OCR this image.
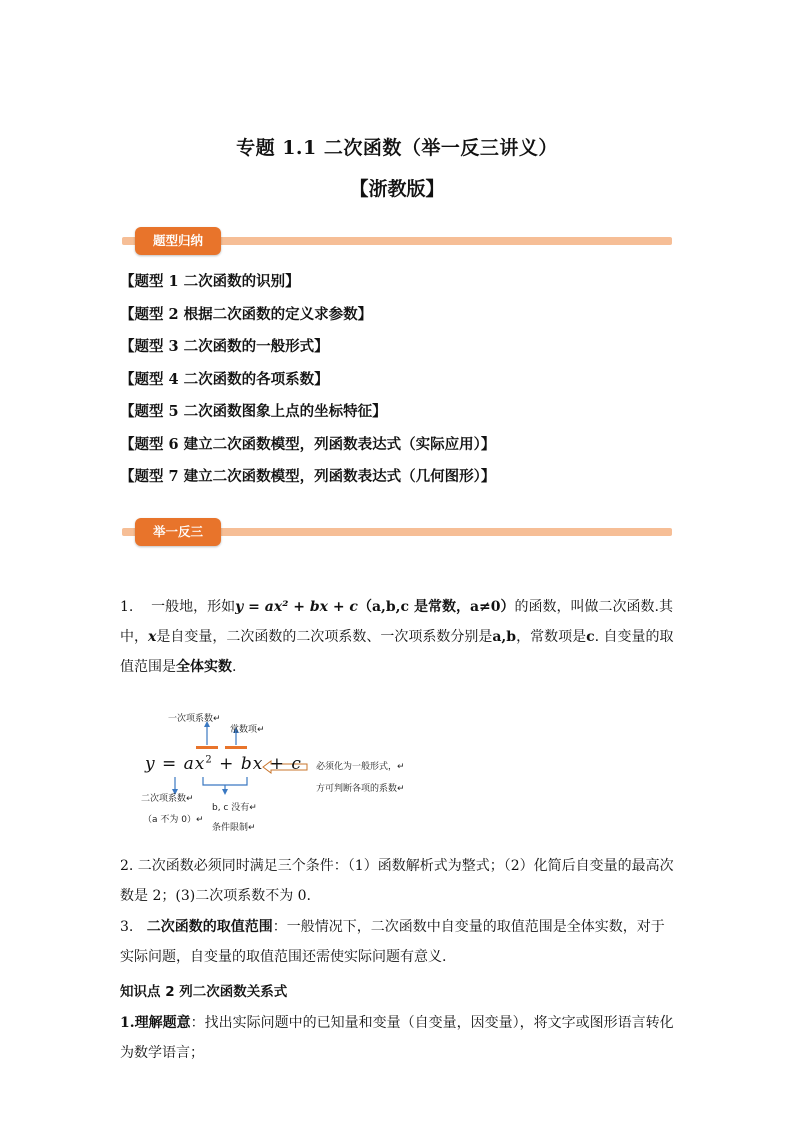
专题 1.1 二次函数（举一反三讲义）
【浙教版】
题型归纳
【题型 1 二次函数的识别】
【题型 2 根据二次函数的定义求参数】
【题型 3 二次函数的一般形式】
【题型 4 二次函数的各项系数】
【题型 5 二次函数图象上点的坐标特征】
【题型 6 建立二次函数模型，列函数表达式（实际应用）】
【题型 7 建立二次函数模型，列函数表达式（几何图形）】
举一反三
1. 一般地，形如y = ax² + bx + c（a,b,c 是常数，a≠0）的函数，叫做二次函数.其中，x是自变量，二次函数的二次项系数、一次项系数分别是a,b，常数项是c. 自变量的取值范围是全体实数.
$y = ax^2$ + bx + c
一次项系数↵
常数项↵
二次项系数↵
（a 不为 0）↵
b, c 没有↵
条件限制↵
必须化为一般形式，↵
方可判断各项的系数↵
2. 二次函数必须同时满足三个条件：（1）函数解析式为整式；（2）化简后自变量的最高次数是 2；(3)二次项系数不为 0.
3. 二次函数的取值范围：一般情况下，二次函数中自变量的取值范围是全体实数，对于实际问题，自变量的取值范围还需使实际问题有意义.
知识点 2 列二次函数关系式
1.理解题意：找出实际问题中的已知量和变量（自变量，因变量），将文字或图形语言转化为数学语言；
